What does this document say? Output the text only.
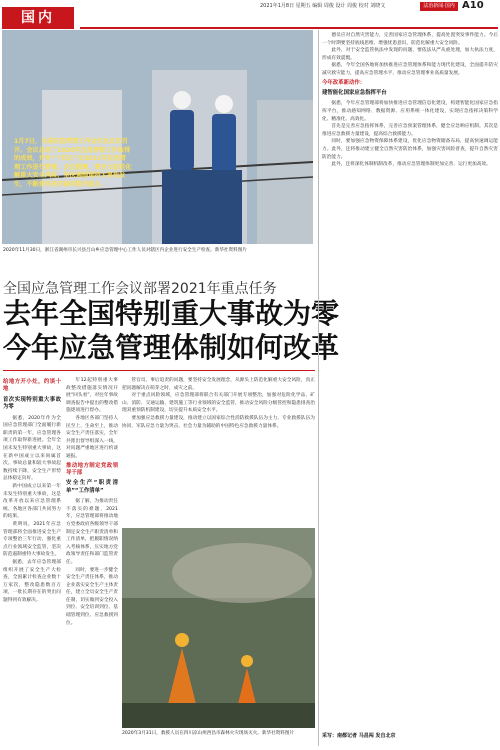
国内
2021年1月8日 星期五 编辑 周俊 设计 周俊 校对 刘晓文	法治新闻·国内 A10
1月7日，全国应急管理工作会议在北京召开。会议总结了2020年应急管理工作取得的成效，并对“十四五”及2021年应急管理工作进行部署。会议强调，要全力防范化解重大安全风险，坚决遏制重特大事故发生，不断提升防灾减灾救灾能力。
2020年11月30日，浙江省湖州市长兴县吕山乡应急管理中心工作人员对辖区内企业进行安全生产检查。新华社资料图片
全国应急管理工作会议部署2021年重点任务
去年全国特别重大事故为零
今年应急管理体制如何改革
给地方开小灶，约谈十地
首次实现特别重大事故为零

据悉，2020年作为全国应急管理部门全面履行新职责的第一年，应急管理各项工作取得新进展。全年全国未发生特别重大事故，这在新中国成立以来尚属首次。事故总量和较大事故起数持续下降，安全生产形势总体稳定向好。

新中国成立以来第一年未发生特别重大事故，这是改革开放以来应急管理系统、各地区各部门共同努力的结果。

黄明说，2021年应急管理部将全面推进安全生产专项整治三年行动，强化重点行业领域安全监管，坚决防范遏制重特大事故发生。

据悉，去年应急管理部组织开展了安全生产大检查，全国累计检查企业数十万家次，整改隐患数百万项，一批长期存在的突出问题得到有效解决。

年12起特别重大事故整改措施落实情况开展“回头看”，对往年事故调查报告中提出的整改措施逐项进行督办。

各地区各部门坚持人民至上、生命至上，推动安全生产责任落实，全年共派出督导组深入一线，对问题严重地区进行约谈通报。

推动地方制定党政领导干部
安全生产“职责清单”“工作清单”

据了解，为推动责任不落实的难题，2021年，应急管理部将推动地方党委政府各级领导干部制定安全生产职责清单和工作清单，把履职情况纳入考核体系，压实地方党政领导责任和部门监管责任。

同时，要进一步健全安全生产责任体系，推动企业落实安全生产主体责任，建立全员安全生产责任制，切实做到安全投入到位、安全培训到位、基础管理到位、应急救援到位。

管官员、事后追责的问题，要坚持安全发展理念，从源头上防范化解重大安全风险，真正把问题解决在萌芽之时、成灾之前。

对于重点风险领域，应急管理部将联合有关部门开展专项整治，加强对危险化学品、矿山、消防、交通运输、建筑施工等行业领域的安全监管，推动安全风险分级管控和隐患排查治理双重预防机制建设，切实提升本质安全水平。

要加强应急救援力量建设，推动建立以国家综合性消防救援队伍为主力、专业救援队伍为协同、军队应急力量为突击、社会力量为辅助的中国特色应急救援力量体系。

2020年3月31日，救援人员在四川凉山州西昌市森林火灾现场灭火。新华社资料图片

德员应对自然灾害能力，完善国家应急管理体系，提高处置突发事件能力。今后一个时期要坚持底线思维、增强忧患意识，防范化解重大安全风险。

此外，对于安全监管执法中发现的问题，要依法从严从重处理，加大执法力度，形成有效震慑。

据悉，今年全国各地将加快推进应急管理体系和能力现代化建设，全面提升防灾减灾救灾能力，提高应急管理水平，推动应急管理事业高质量发展。

今年改革新动作：
建智能化国家应急指挥平台

据悉，今年应急管理部将加快推进应急管理信息化建设，构建智能化国家应急指挥平台，推动感知网络、数据资源、应用系统一体化建设，实现应急指挥决策科学化、精准化、高效化。

首先是完善应急指挥体系，完善应急预案管理体系，健全应急响应机制。其次是推进应急救援力量建设，提高综合救援能力。

同时，要加强应急物资保障体系建设，优化应急物资储备布局，提高快速调运能力。此外，还将推动建立健全自然灾害防治体系，加强灾害风险普查，提升自然灾害防治能力。

此外，还将深化体制机制改革，推动应急管理体制更加完善、运行更加高效。

采写：南都记者 马昌闯 发自北京
